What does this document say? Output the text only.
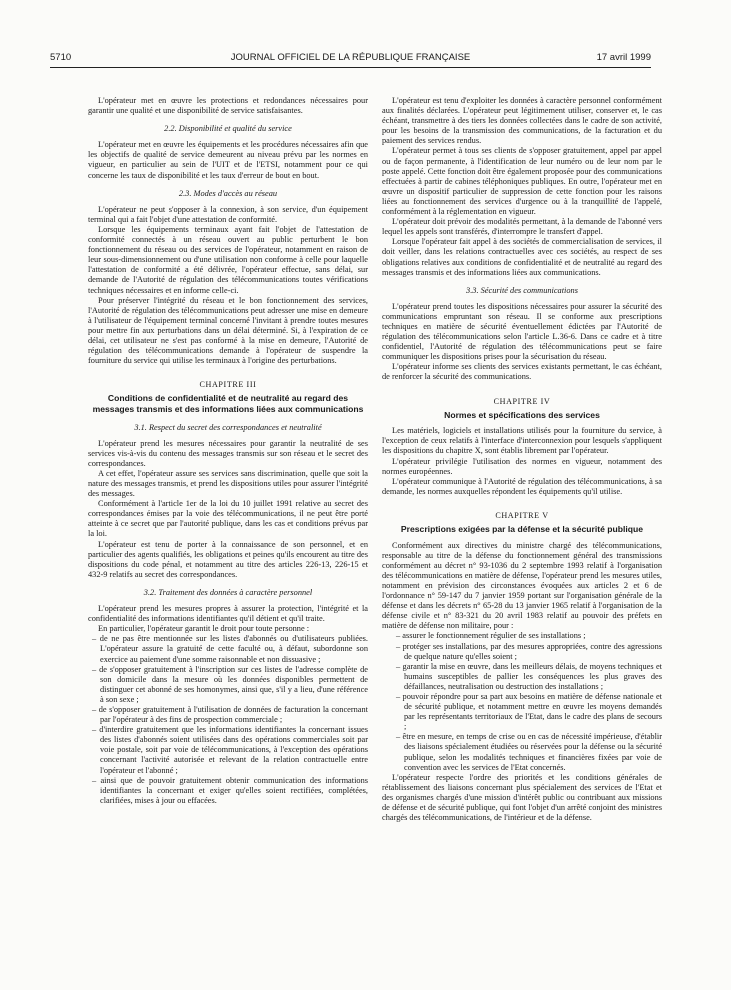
5710	JOURNAL OFFICIEL DE LA RÉPUBLIQUE FRANÇAISE	17 avril 1999

L'opérateur met en œuvre les protections et redondances nécessaires pour garantir une qualité et une disponibilité de service satisfaisantes.

2.2. Disponibilité et qualité du service

L'opérateur met en œuvre les équipements et les procédures nécessaires afin que les objectifs de qualité de service demeurent au niveau prévu par les normes en vigueur, en particulier au sein de l'UIT et de l'ETSI, notamment pour ce qui concerne les taux de disponibilité et les taux d'erreur de bout en bout.

2.3. Modes d'accès au réseau

L'opérateur ne peut s'opposer à la connexion, à son service, d'un équipement terminal qui a fait l'objet d'une attestation de conformité.

Lorsque les équipements terminaux ayant fait l'objet de l'attestation de conformité connectés à un réseau ouvert au public perturbent le bon fonctionnement du réseau ou des services de l'opérateur, notamment en raison de leur sous-dimensionnement ou d'une utilisation non conforme à celle pour laquelle l'attestation de conformité a été délivrée, l'opérateur effectue, sans délai, sur demande de l'Autorité de régulation des télécommunications toutes vérifications techniques nécessaires et en informe celle-ci.

Pour préserver l'intégrité du réseau et le bon fonctionnement des services, l'Autorité de régulation des télécommunications peut adresser une mise en demeure à l'utilisateur de l'équipement terminal concerné l'invitant à prendre toutes mesures pour mettre fin aux perturbations dans un délai déterminé. Si, à l'expiration de ce délai, cet utilisateur ne s'est pas conformé à la mise en demeure, l'Autorité de régulation des télécommunications demande à l'opérateur de suspendre la fourniture du service qui utilise les terminaux à l'origine des perturbations.

CHAPITRE III

Conditions de confidentialité et de neutralité au regard des messages transmis et des informations liées aux communications

3.1. Respect du secret des correspondances et neutralité

L'opérateur prend les mesures nécessaires pour garantir la neutralité de ses services vis-à-vis du contenu des messages transmis sur son réseau et le secret des correspondances.

A cet effet, l'opérateur assure ses services sans discrimination, quelle que soit la nature des messages transmis, et prend les dispositions utiles pour assurer l'intégrité des messages.

Conformément à l'article 1er de la loi du 10 juillet 1991 relative au secret des correspondances émises par la voie des télécommunications, il ne peut être porté atteinte à ce secret que par l'autorité publique, dans les cas et conditions prévus par la loi.

L'opérateur est tenu de porter à la connaissance de son personnel, et en particulier des agents qualifiés, les obligations et peines qu'ils encourent au titre des dispositions du code pénal, et notamment au titre des articles 226-13, 226-15 et 432-9 relatifs au secret des correspondances.

3.2. Traitement des données à caractère personnel

L'opérateur prend les mesures propres à assurer la protection, l'intégrité et la confidentialité des informations identifiantes qu'il détient et qu'il traite.

En particulier, l'opérateur garantit le droit pour toute personne :

– de ne pas être mentionnée sur les listes d'abonnés ou d'utilisateurs publiées. L'opérateur assure la gratuité de cette faculté ou, à défaut, subordonne son exercice au paiement d'une somme raisonnable et non dissuasive ;
– de s'opposer gratuitement à l'inscription sur ces listes de l'adresse complète de son domicile dans la mesure où les données disponibles permettent de distinguer cet abonné de ses homonymes, ainsi que, s'il y a lieu, d'une référence à son sexe ;
– de s'opposer gratuitement à l'utilisation de données de facturation la concernant par l'opérateur à des fins de prospection commerciale ;
– d'interdire gratuitement que les informations identifiantes la concernant issues des listes d'abonnés soient utilisées dans des opérations commerciales soit par voie postale, soit par voie de télécommunications, à l'exception des opérations concernant l'activité autorisée et relevant de la relation contractuelle entre l'opérateur et l'abonné ;
– ainsi que de pouvoir gratuitement obtenir communication des informations identifiantes la concernant et exiger qu'elles soient rectifiées, complétées, clarifiées, mises à jour ou effacées.

L'opérateur est tenu d'exploiter les données à caractère personnel conformément aux finalités déclarées. L'opérateur peut légitimement utiliser, conserver et, le cas échéant, transmettre à des tiers les données collectées dans le cadre de son activité, pour les besoins de la transmission des communications, de la facturation et du paiement des services rendus.

L'opérateur permet à tous ses clients de s'opposer gratuitement, appel par appel ou de façon permanente, à l'identification de leur numéro ou de leur nom par le poste appelé. Cette fonction doit être également proposée pour des communications effectuées à partir de cabines téléphoniques publiques. En outre, l'opérateur met en œuvre un dispositif particulier de suppression de cette fonction pour les raisons liées au fonctionnement des services d'urgence ou à la tranquillité de l'appelé, conformément à la réglementation en vigueur.

L'opérateur doit prévoir des modalités permettant, à la demande de l'abonné vers lequel les appels sont transférés, d'interrompre le transfert d'appel.

Lorsque l'opérateur fait appel à des sociétés de commercialisation de services, il doit veiller, dans les relations contractuelles avec ces sociétés, au respect de ses obligations relatives aux conditions de confidentialité et de neutralité au regard des messages transmis et des informations liées aux communications.

3.3. Sécurité des communications

L'opérateur prend toutes les dispositions nécessaires pour assurer la sécurité des communications empruntant son réseau. Il se conforme aux prescriptions techniques en matière de sécurité éventuellement édictées par l'Autorité de régulation des télécommunications selon l'article L.36-6. Dans ce cadre et à titre confidentiel, l'Autorité de régulation des télécommunications peut se faire communiquer les dispositions prises pour la sécurisation du réseau.

L'opérateur informe ses clients des services existants permettant, le cas échéant, de renforcer la sécurité des communications.

CHAPITRE IV

Normes et spécifications des services

Les matériels, logiciels et installations utilisés pour la fourniture du service, à l'exception de ceux relatifs à l'interface d'interconnexion pour lesquels s'appliquent les dispositions du chapitre X, sont établis librement par l'opérateur.

L'opérateur privilégie l'utilisation des normes en vigueur, notamment des normes européennes.

L'opérateur communique à l'Autorité de régulation des télécommunications, à sa demande, les normes auxquelles répondent les équipements qu'il utilise.

CHAPITRE V

Prescriptions exigées par la défense et la sécurité publique

Conformément aux directives du ministre chargé des télécommunications, responsable au titre de la défense du fonctionnement général des transmissions conformément au décret n° 93-1036 du 2 septembre 1993 relatif à l'organisation des télécommunications en matière de défense, l'opérateur prend les mesures utiles, notamment en prévision des circonstances évoquées aux articles 2 et 6 de l'ordonnance n° 59-147 du 7 janvier 1959 portant sur l'organisation générale de la défense et dans les décrets n° 65-28 du 13 janvier 1965 relatif à l'organisation de la défense civile et n° 83-321 du 20 avril 1983 relatif au pouvoir des préfets en matière de défense non militaire, pour :

– assurer le fonctionnement régulier de ses installations ;
– protéger ses installations, par des mesures appropriées, contre des agressions de quelque nature qu'elles soient ;
– garantir la mise en œuvre, dans les meilleurs délais, de moyens techniques et humains susceptibles de pallier les conséquences les plus graves des défaillances, neutralisation ou destruction des installations ;
– pouvoir répondre pour sa part aux besoins en matière de défense nationale et de sécurité publique, et notamment mettre en œuvre les moyens demandés par les représentants territoriaux de l'Etat, dans le cadre des plans de secours ;
– être en mesure, en temps de crise ou en cas de nécessité impérieuse, d'établir des liaisons spécialement étudiées ou réservées pour la défense ou la sécurité publique, selon les modalités techniques et financières fixées par voie de convention avec les services de l'Etat concernés.

L'opérateur respecte l'ordre des priorités et les conditions générales de rétablissement des liaisons concernant plus spécialement des services de l'Etat et des organismes chargés d'une mission d'intérêt public ou contribuant aux missions de défense et de sécurité publique, qui font l'objet d'un arrêté conjoint des ministres chargés des télécommunications, de l'intérieur et de la défense.
